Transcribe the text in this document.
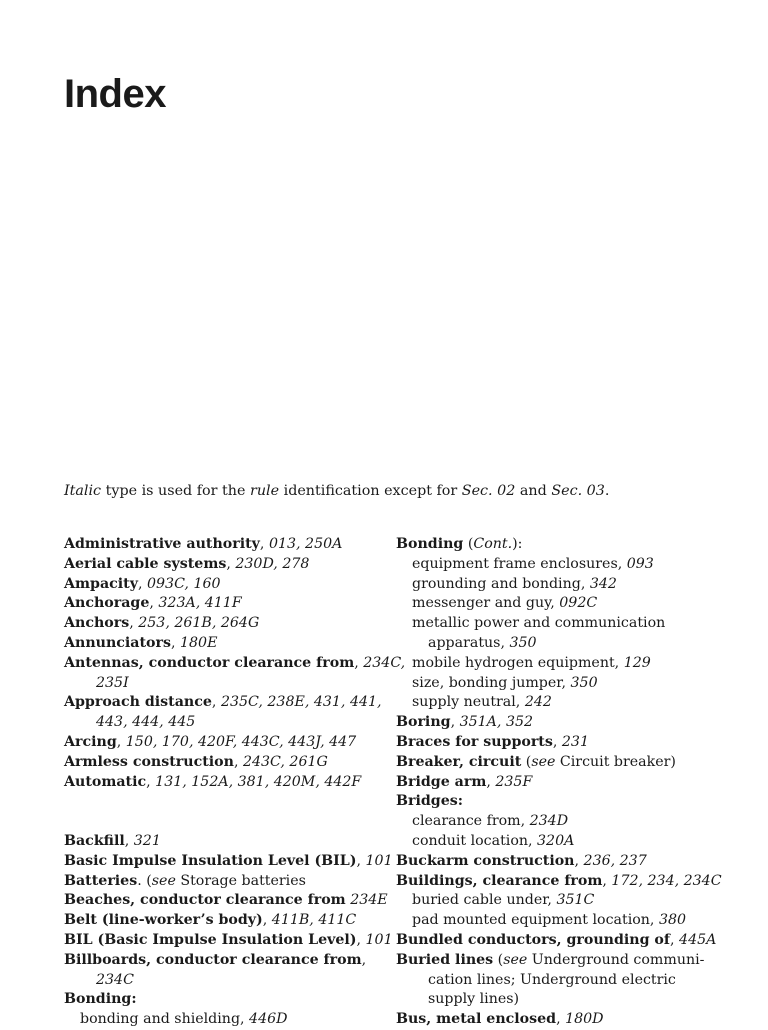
Index
Italic type is used for the rule identification except for Sec. 02 and Sec. 03.
Administrative authority, 013, 250A
Aerial cable systems, 230D, 278
Ampacity, 093C, 160
Anchorage, 323A, 411F
Anchors, 253, 261B, 264G
Annunciators, 180E
Antennas, conductor clearance from, 234C,
235I
Approach distance, 235C, 238E, 431, 441,
443, 444, 445
Arcing, 150, 170, 420F, 443C, 443J, 447
Armless construction, 243C, 261G
Automatic, 131, 152A, 381, 420M, 442F
Backfill, 321
Basic Impulse Insulation Level (BIL), 101
Batteries. (see Storage batteries
Beaches, conductor clearance from 234E
Belt (line-worker’s body), 411B, 411C
BIL (Basic Impulse Insulation Level), 101
Billboards, conductor clearance from,
234C
Bonding:
bonding and shielding, 446D
Bonding (Cont.):
equipment frame enclosures, 093
grounding and bonding, 342
messenger and guy, 092C
metallic power and communication
apparatus, 350
mobile hydrogen equipment, 129
size, bonding jumper, 350
supply neutral, 242
Boring, 351A, 352
Braces for supports, 231
Breaker, circuit (see Circuit breaker)
Bridge arm, 235F
Bridges:
clearance from, 234D
conduit location, 320A
Buckarm construction, 236, 237
Buildings, clearance from, 172, 234, 234C
buried cable under, 351C
pad mounted equipment location, 380
Bundled conductors, grounding of, 445A
Buried lines (see Underground communi-
cation lines; Underground electric
supply lines)
Bus, metal enclosed, 180D
